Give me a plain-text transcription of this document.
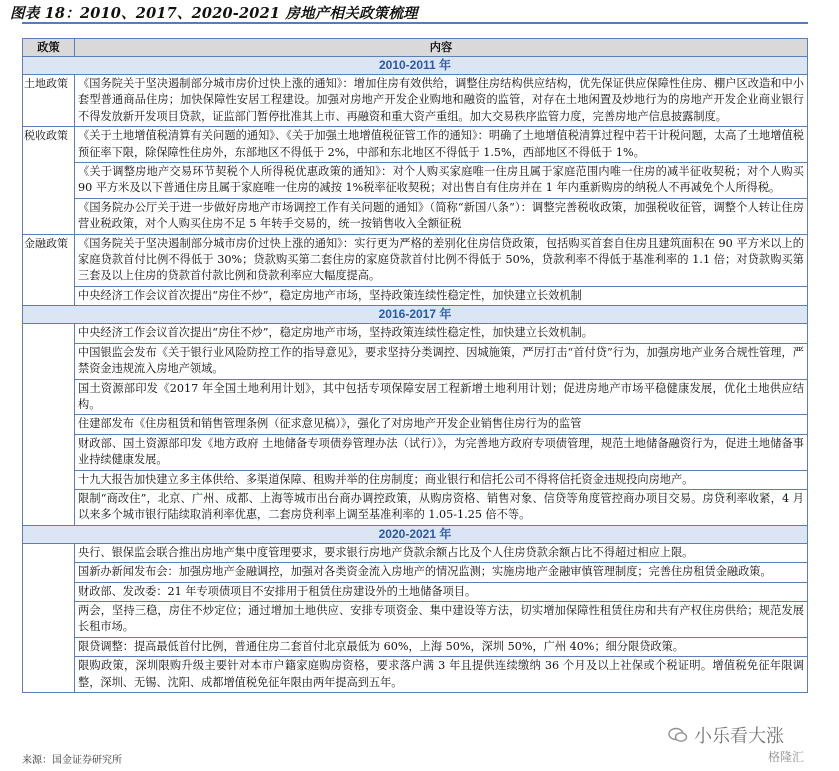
图表 18：2010、2017、2020-2021 房地产相关政策梳理
政策	内容
2010-2011 年	
土地政策	《国务院关于坚决遏制部分城市房价过快上涨的通知》：增加住房有效供给，调整住房结构供应结构，优先保证供应保障性住房、棚户区改造和中小套型普通商品住房；加快保障性安居工程建设。加强对房地产开发企业购地和融资的监管，对存在土地闲置及炒地行为的房地产开发企业商业银行不得发放新开发项目贷款，证监部门暂停批准其上市、再融资和重大资产重组。加大交易秩序监管力度，完善房地产信息披露制度。
税收政策	《关于土地增值税清算有关问题的通知》、《关于加强土地增值税征管工作的通知》：明确了土地增值税清算过程中若干计税问题，太高了土地增值税预征率下限，除保障性住房外，东部地区不得低于 2%，中部和东北地区不得低于 1.5%，西部地区不得低于 1%。
	《关于调整房地产交易环节契税个人所得税优惠政策的通知》：对个人购买家庭唯一住房且属于家庭范围内唯一住房的减半征收契税；对个人购买 90 平方米及以下普通住房且属于家庭唯一住房的减按 1%税率征收契税；对出售自有住房并在 1 年内重新购房的纳税人不再减免个人所得税。
	《国务院办公厅关于进一步做好房地产市场调控工作有关问题的通知》（简称“新国八条”）：调整完善税收政策，加强税收征管，调整个人转让住房营业税政策，对个人购买住房不足 5 年转手交易的，统一按销售收入全额征税
金融政策	《国务院关于坚决遏制部分城市房价过快上涨的通知》：实行更为严格的差别化住房信贷政策，包括购买首套自住房且建筑面积在 90 平方米以上的家庭贷款首付比例不得低于 30%；贷款购买第二套住房的家庭贷款首付比例不得低于 50%，贷款利率不得低于基准利率的 1.1 倍；对贷款购买第三套及以上住房的贷款首付款比例和贷款利率应大幅度提高。
	中央经济工作会议首次提出“房住不炒”，稳定房地产市场，坚持政策连续性稳定性，加快建立长效机制
2016-2017 年	
	中央经济工作会议首次提出“房住不炒”，稳定房地产市场，坚持政策连续性稳定性，加快建立长效机制。
	中国银监会发布《关于银行业风险防控工作的指导意见》，要求坚持分类调控、因城施策，严厉打击“首付贷”行为，加强房地产业务合规性管理，严禁资金违规流入房地产领域。
	国土资源部印发《2017 年全国土地利用计划》，其中包括专项保障安居工程新增土地利用计划；促进房地产市场平稳健康发展，优化土地供应结构。
	住建部发布《住房租赁和销售管理条例（征求意见稿）》，强化了对房地产开发企业销售住房行为的监管
	财政部、国土资源部印发《地方政府 土地储备专项债券管理办法（试行）》，为完善地方政府专项债管理，规范土地储备融资行为，促进土地储备事业持续健康发展。
	十九大报告加快建立多主体供给、多渠道保障、租购并举的住房制度；商业银行和信托公司不得将信托资金违规投向房地产。
	限制“商改住”，北京、广州、成都、上海等城市出台商办调控政策，从购房资格、销售对象、信贷等角度管控商办项目交易。房贷利率收紧，4 月以来多个城市银行陆续取消利率优惠，二套房贷利率上调至基准利率的 1.05-1.25 倍不等。
2020-2021 年	
	央行、银保监会联合推出房地产集中度管理要求，要求银行房地产贷款余额占比及个人住房贷款余额占比不得超过相应上限。
	国新办新闻发布会：加强房地产金融调控，加强对各类资金流入房地产的情况监测；实施房地产金融审慎管理制度；完善住房租赁金融政策。
	财政部、发改委：21 年专项债项目不安排用于租赁住房建设外的土地储备项目。
	两会，坚持三稳，房住不炒定位；通过增加土地供应、安排专项资金、集中建设等方法，切实增加保障性租赁住房和共有产权住房供给；规范发展长租市场。
	限贷调整：提高最低首付比例，普通住房二套首付北京最低为 60%，上海 50%，深圳 50%，广州 40%；细分限贷政策。
	限购政策，深圳限购升级主要针对本市户籍家庭购房资格，要求落户满 3 年且提供连续缴纳 36 个月及以上社保或个税证明。增值税免征年限调整，深圳、无锡、沈阳、成都增值税免征年限由两年提高到五年。
来源：国金证券研究所
小乐看大涨
格隆汇
